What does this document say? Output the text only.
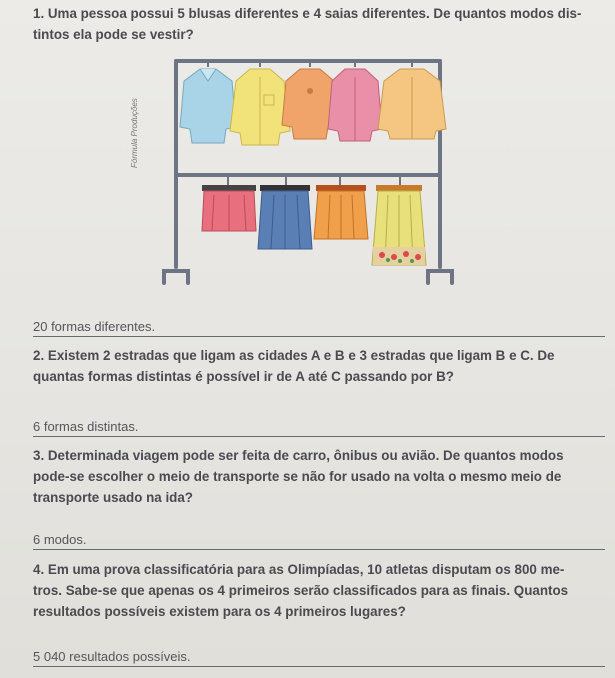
1. Uma pessoa possui 5 blusas diferentes e 4 saias diferentes. De quantos modos dis-
tintos ela pode se vestir?
Fórmula Produções
20 formas diferentes.
2. Existem 2 estradas que ligam as cidades A e B e 3 estradas que ligam B e C. De quantas formas distintas é possível ir de A até C passando por B?
6 formas distintas.
3. Determinada viagem pode ser feita de carro, ônibus ou avião. De quantos modos pode-se escolher o meio de transporte se não for usado na volta o mesmo meio de transporte usado na ida?
6 modos.
4. Em uma prova classificatória para as Olimpíadas, 10 atletas disputam os 800 me-
tros. Sabe-se que apenas os 4 primeiros serão classificados para as finais. Quantos resultados possíveis existem para os 4 primeiros lugares?
5 040 resultados possíveis.
